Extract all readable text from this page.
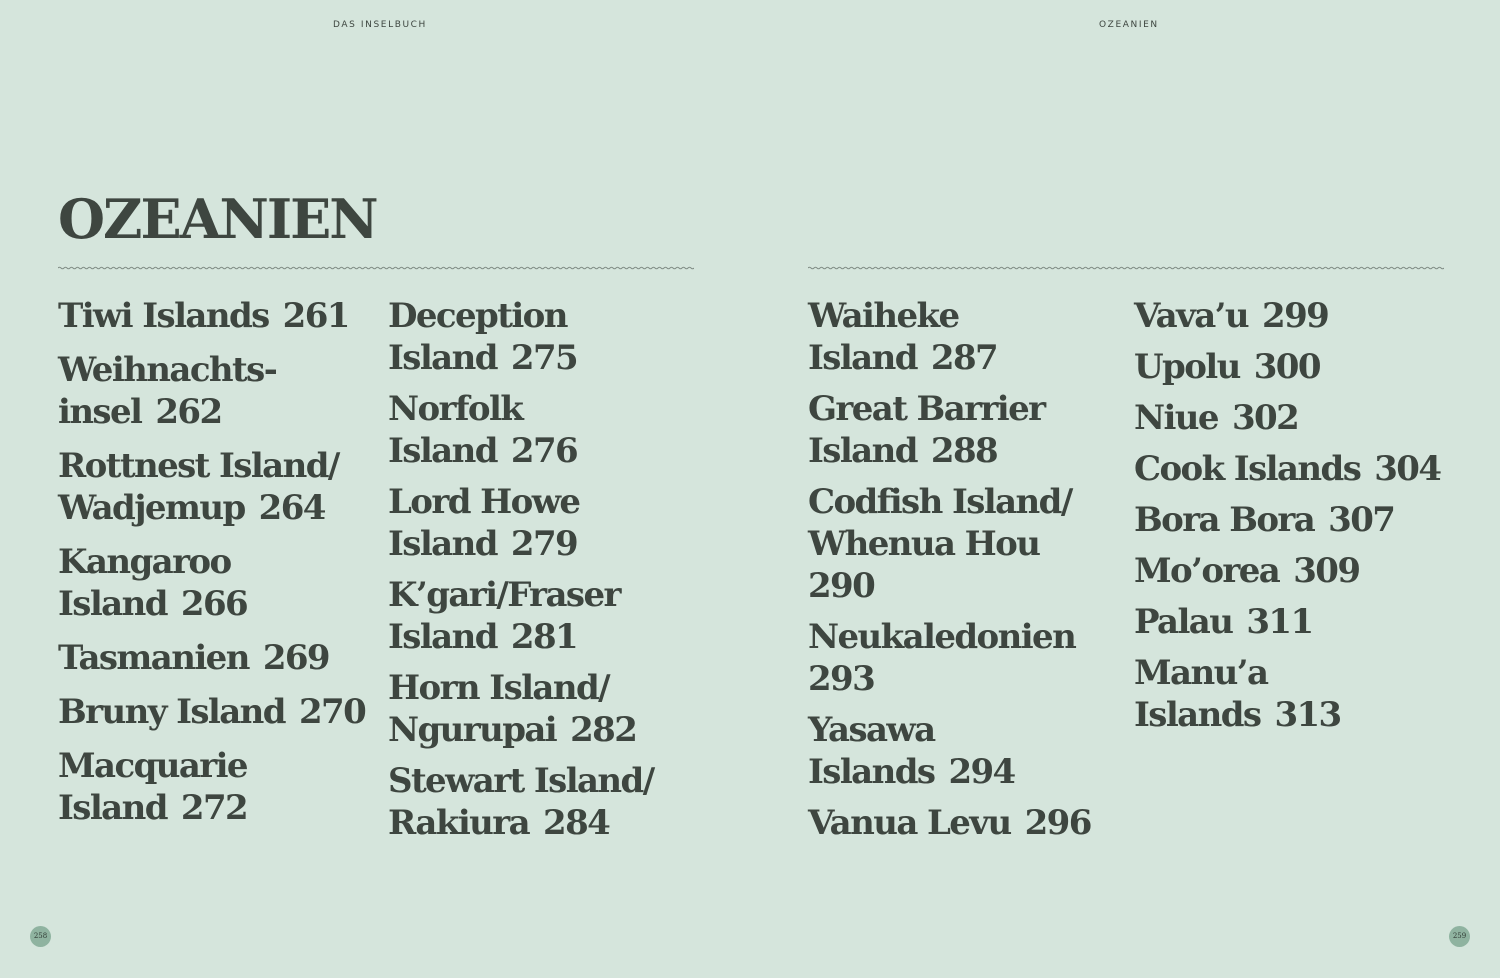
DAS INSELBUCH	OZEANIEN
OZEANIEN
Tiwi Islands 261
Weihnachts-
insel 262
Rottnest Island/
Wadjemup 264
Kangaroo
Island 266
Tasmanien 269
Bruny Island 270
Macquarie
Island 272
Deception
Island 275
Norfolk
Island 276
Lord Howe
Island 279
K’gari/Fraser
Island 281
Horn Island/
Ngurupai 282
Stewart Island/
Rakiura 284
Waiheke
Island 287
Great Barrier
Island 288
Codfish Island/
Whenua Hou
290
Neukaledonien
293
Yasawa
Islands 294
Vanua Levu 296
Vava’u 299
Upolu 300
Niue 302
Cook Islands 304
Bora Bora 307
Mo’orea 309
Palau 311
Manu’a
Islands 313
258	259
